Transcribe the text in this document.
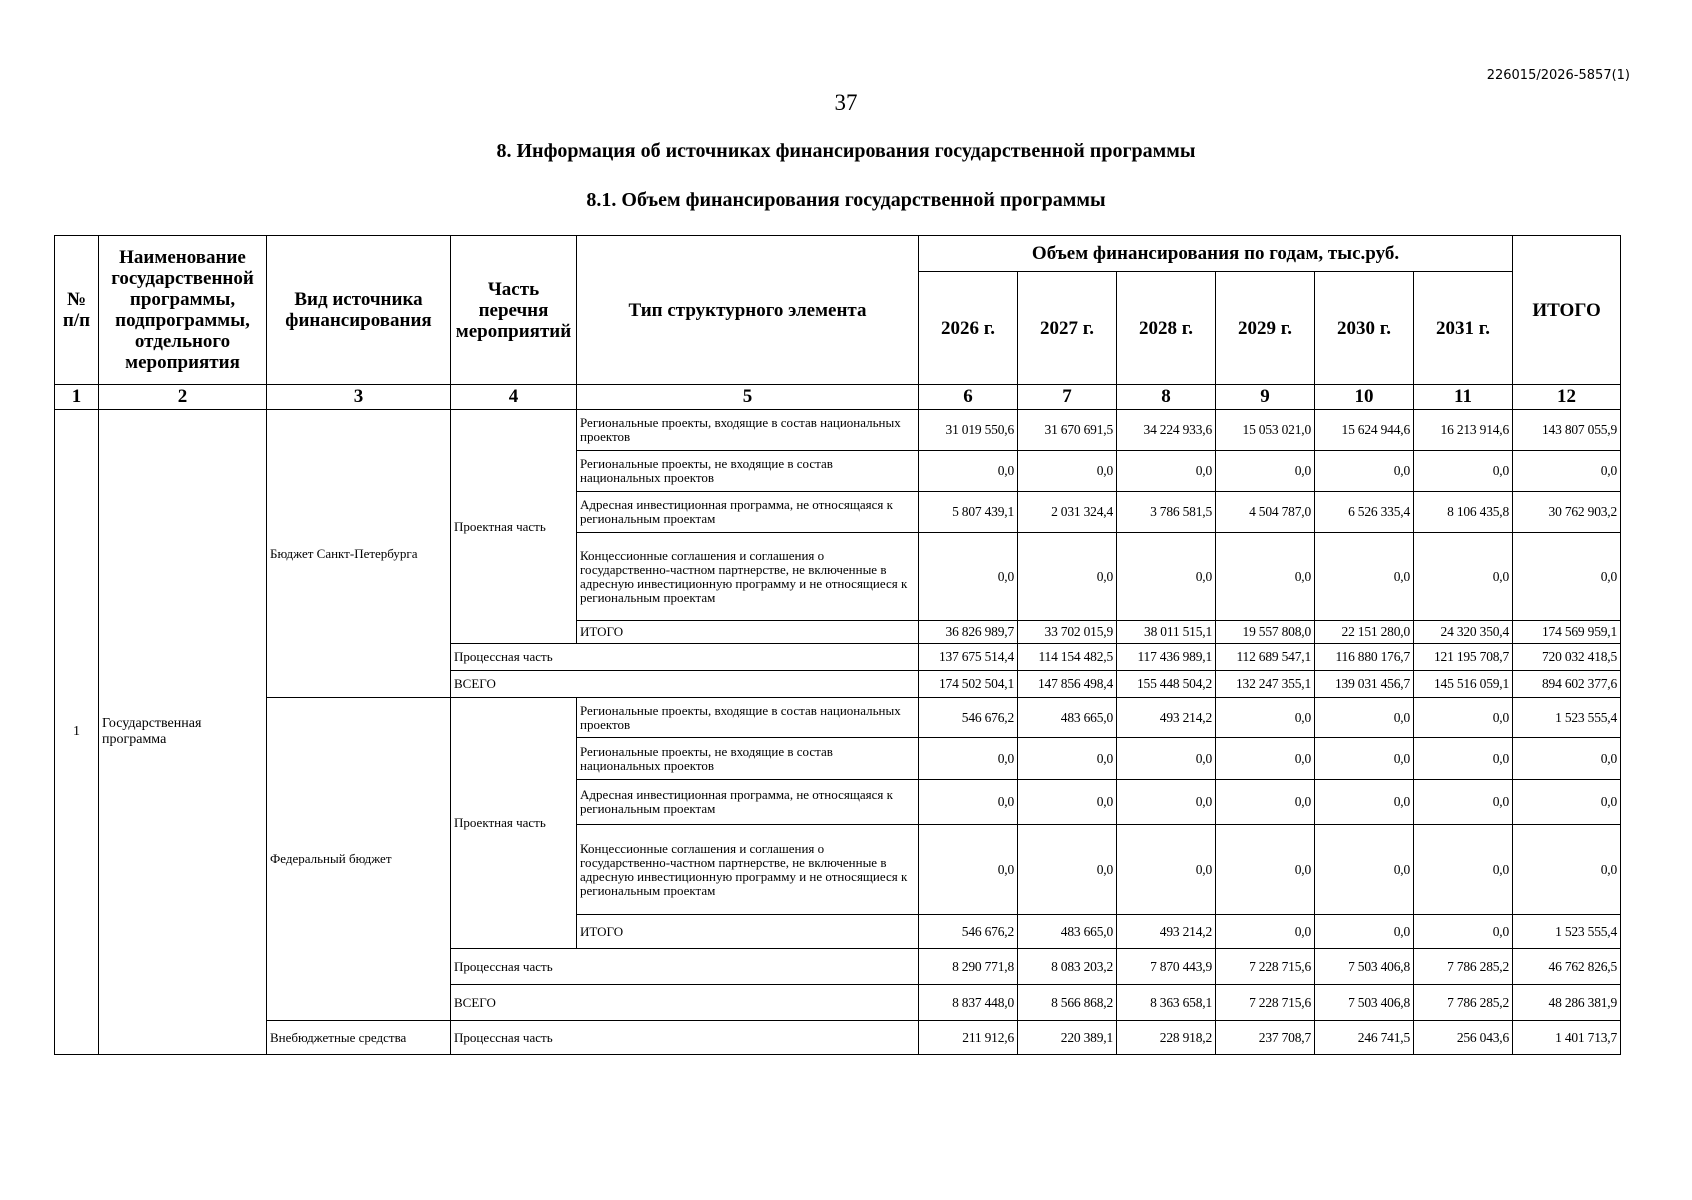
226015/2026-5857(1)
37
8. Информация об источниках финансирования государственной программы
8.1. Объем финансирования государственной программы
№ п/п	Наименование государственной программы, подпрограммы, отдельного мероприятия	Вид источника финансирования	Часть перечня мероприятий	Тип структурного элемента	Объем финансирования по годам, тыс.руб.						ИТОГО
					2026 г.	2027 г.	2028 г.	2029 г.	2030 г.	2031 г.	
1	2	3	4	5	6	7	8	9	10	11	12
1	Государственная программа	Бюджет Санкт-Петербурга	Проектная часть	Региональные проекты, входящие в состав национальных проектов	31 019 550,6	31 670 691,5	34 224 933,6	15 053 021,0	15 624 944,6	16 213 914,6	143 807 055,9
				Региональные проекты, не входящие в состав национальных проектов	0,0	0,0	0,0	0,0	0,0	0,0	0,0
				Адресная инвестиционная программа, не относящаяся к региональным проектам	5 807 439,1	2 031 324,4	3 786 581,5	4 504 787,0	6 526 335,4	8 106 435,8	30 762 903,2
				Концессионные соглашения и соглашения о государственно-частном партнерстве, не включенные в адресную инвестиционную программу и не относящиеся к региональным проектам	0,0	0,0	0,0	0,0	0,0	0,0	0,0
				ИТОГО	36 826 989,7	33 702 015,9	38 011 515,1	19 557 808,0	22 151 280,0	24 320 350,4	174 569 959,1
			Процессная часть		137 675 514,4	114 154 482,5	117 436 989,1	112 689 547,1	116 880 176,7	121 195 708,7	720 032 418,5
			ВСЕГО		174 502 504,1	147 856 498,4	155 448 504,2	132 247 355,1	139 031 456,7	145 516 059,1	894 602 377,6
		Федеральный бюджет	Проектная часть	Региональные проекты, входящие в состав национальных проектов	546 676,2	483 665,0	493 214,2	0,0	0,0	0,0	1 523 555,4
				Региональные проекты, не входящие в состав национальных проектов	0,0	0,0	0,0	0,0	0,0	0,0	0,0
				Адресная инвестиционная программа, не относящаяся к региональным проектам	0,0	0,0	0,0	0,0	0,0	0,0	0,0
				Концессионные соглашения и соглашения о государственно-частном партнерстве, не включенные в адресную инвестиционную программу и не относящиеся к региональным проектам	0,0	0,0	0,0	0,0	0,0	0,0	0,0
				ИТОГО	546 676,2	483 665,0	493 214,2	0,0	0,0	0,0	1 523 555,4
			Процессная часть		8 290 771,8	8 083 203,2	7 870 443,9	7 228 715,6	7 503 406,8	7 786 285,2	46 762 826,5
			ВСЕГО		8 837 448,0	8 566 868,2	8 363 658,1	7 228 715,6	7 503 406,8	7 786 285,2	48 286 381,9
		Внебюджетные средства	Процессная часть		211 912,6	220 389,1	228 918,2	237 708,7	246 741,5	256 043,6	1 401 713,7
